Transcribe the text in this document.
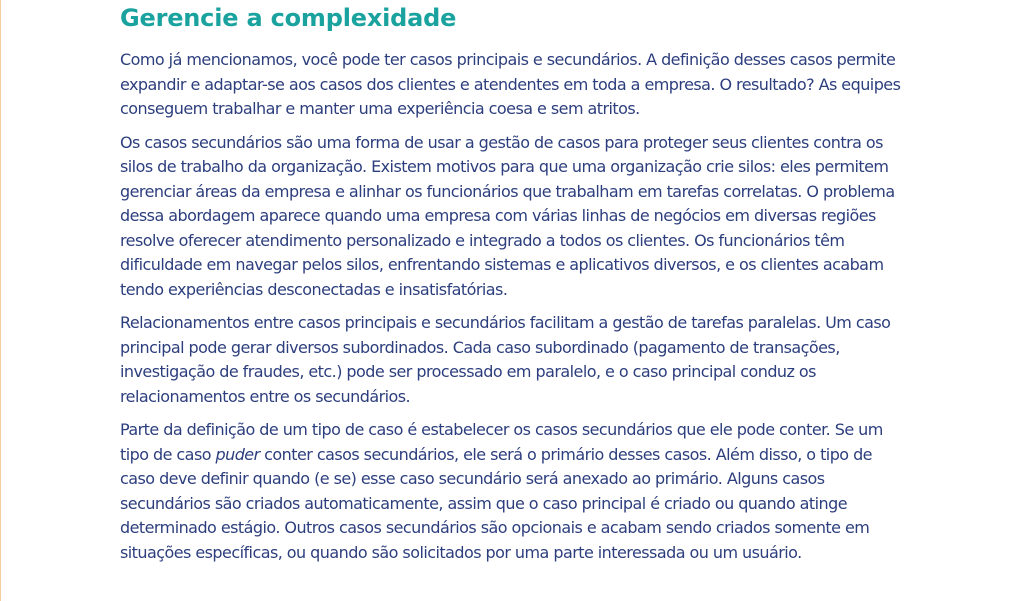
Gerencie a complexidade

Como já mencionamos, você pode ter casos principais e secundários. A definição desses casos permite expandir e adaptar-se aos casos dos clientes e atendentes em toda a empresa. O resultado? As equipes conseguem trabalhar e manter uma experiência coesa e sem atritos.

Os casos secundários são uma forma de usar a gestão de casos para proteger seus clientes contra os silos de trabalho da organização. Existem motivos para que uma organização crie silos: eles permitem gerenciar áreas da empresa e alinhar os funcionários que trabalham em tarefas correlatas. O problema dessa abordagem aparece quando uma empresa com várias linhas de negócios em diversas regiões resolve oferecer atendimento personalizado e integrado a todos os clientes. Os funcionários têm dificuldade em navegar pelos silos, enfrentando sistemas e aplicativos diversos, e os clientes acabam tendo experiências desconectadas e insatisfatórias.

Relacionamentos entre casos principais e secundários facilitam a gestão de tarefas paralelas. Um caso principal pode gerar diversos subordinados. Cada caso subordinado (pagamento de transações, investigação de fraudes, etc.) pode ser processado em paralelo, e o caso principal conduz os relacionamentos entre os secundários.

Parte da definição de um tipo de caso é estabelecer os casos secundários que ele pode conter. Se um tipo de caso puder conter casos secundários, ele será o primário desses casos. Além disso, o tipo de caso deve definir quando (e se) esse caso secundário será anexado ao primário. Alguns casos secundários são criados automaticamente, assim que o caso principal é criado ou quando atinge determinado estágio. Outros casos secundários são opcionais e acabam sendo criados somente em situações específicas, ou quando são solicitados por uma parte interessada ou um usuário.
